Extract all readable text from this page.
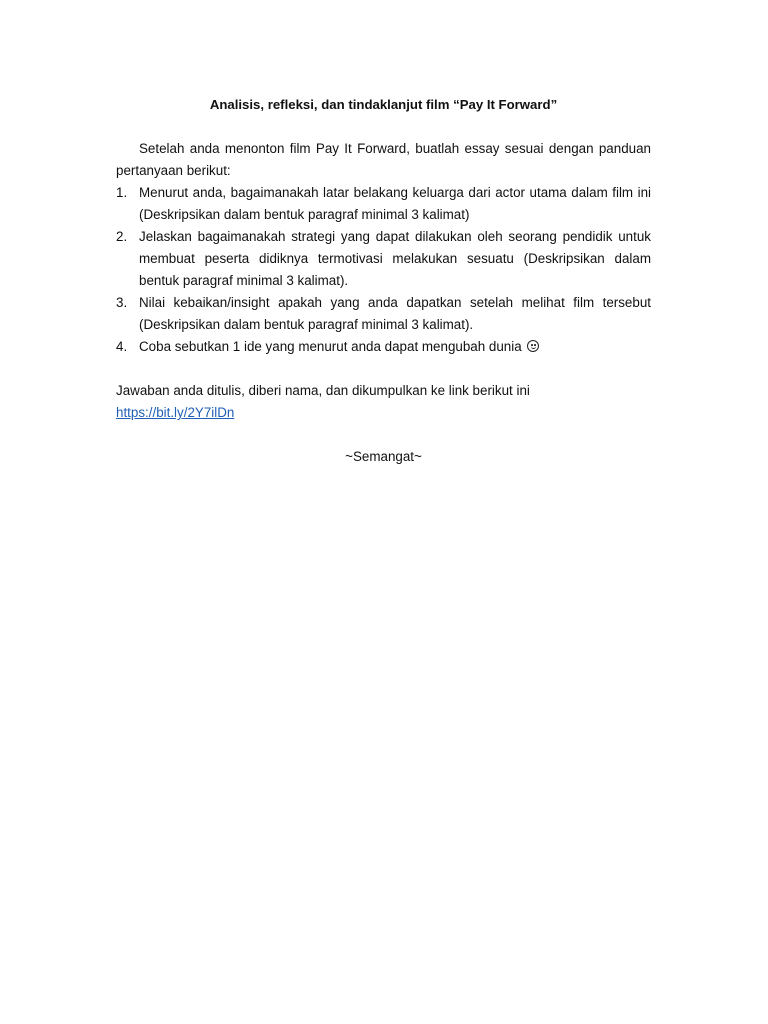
Analisis, refleksi, dan tindaklanjut film “Pay It Forward”

Setelah anda menonton film Pay It Forward, buatlah essay sesuai dengan panduan pertanyaan berikut:

1. Menurut anda, bagaimanakah latar belakang keluarga dari actor utama dalam film ini (Deskripsikan dalam bentuk paragraf minimal 3 kalimat)
2. Jelaskan bagaimanakah strategi yang dapat dilakukan oleh seorang pendidik untuk membuat peserta didiknya termotivasi melakukan sesuatu (Deskripsikan dalam bentuk paragraf minimal 3 kalimat).
3. Nilai kebaikan/insight apakah yang anda dapatkan setelah melihat film tersebut (Deskripsikan dalam bentuk paragraf minimal 3 kalimat).
4. Coba sebutkan 1 ide yang menurut anda dapat mengubah dunia
Jawaban anda ditulis, diberi nama, dan dikumpulkan ke link berikut ini
https://bit.ly/2Y7ilDn
~Semangat~
